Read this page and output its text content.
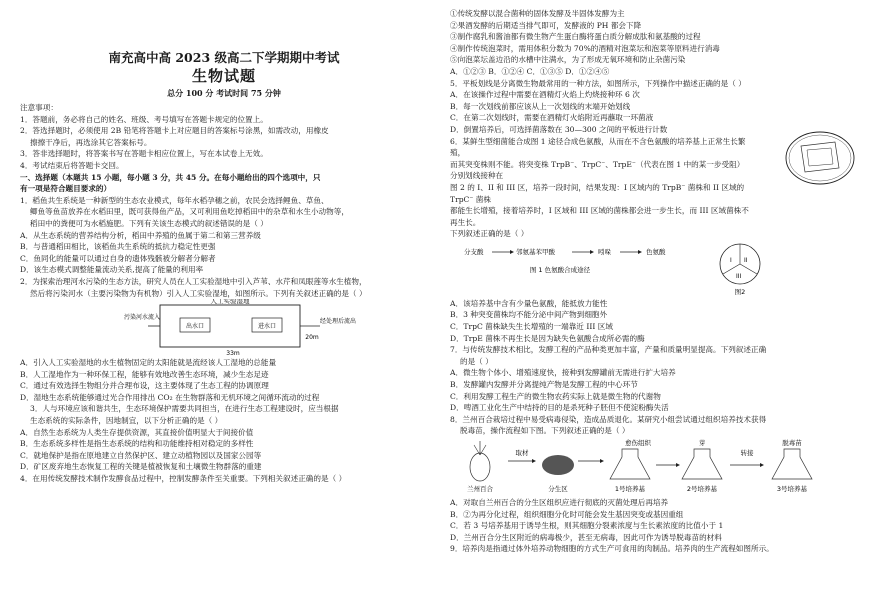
南充高中高 2023 级高二下学期期中考试
生物试题
总分 100 分 考试时间 75 分钟

注意事项：

1．答题前，务必将自己的姓名、班级、考号填写在答题卡规定的位置上。

2．答选择题时，必须使用 2B 铅笔将答题卡上对应题目的答案标号涂黑，如需改动，用橡皮

擦擦干净后，再选涂其它答案标号。

3．答非选择题时，将答案书写在答题卡相应位置上，写在本试卷上无效。

4．考试结束后将答题卡交回。

一、选择题（本题共 15 小题，每小题 3 分，共 45 分。在每小题给出的四个选项中，只

有一项是符合题目要求的）

1．稻鱼共生系统是一种新型的生态农业模式，每年水稻孕穗之前，农民会选择鲤鱼、草鱼、

鲫鱼等鱼苗放养在水稻田里，既可获得鱼产品，又可利用鱼吃掉稻田中的杂草和水生小动物等，

稻田中的粪便可为水稻施肥。下列有关该生态模式的叙述错误的是（ ）

A．从生态系统的营养结构分析，稻田中养殖的鱼属于第二和第三营养级

B．与普通稻田相比，该稻鱼共生系统的抵抗力稳定性更强

C．鱼同化的能量可以通过自身的遗体残骸被分解者分解者

D．该生态模式调整能量流动关系,提高了能量的利用率

2．为探索治理河水污染的生态方法，研究人员在人工实验湿地中引入芦苇、水芹和凤眼莲等水生植物，

然后将污染河水（主要污染物为有机物）引入人工实验湿地，如图所示。下列有关叙述正确的是（ ）

人工实验湿地
污染河水流入
出水口	进水口
经处理后流出
33m
20m

A．引入人工实验湿地的水生植物固定的太阳能就是流经该人工湿地的总能量

B．人工湿地作为一种环保工程，能够有效地改善生态环境，减少生态足迹

C．通过有效选择生物组分并合理布设，这主要体现了生态工程的协调原理

D．湿地生态系统能够通过光合作用排出 CO₂ 在生物群落和无机环境之间循环流动的过程

3．人与环境应该和谐共生，生态环境保护需要共同担当，在进行生态工程建设时，应当根据

生态系统的实际条件，因地制宜，以下分析正确的是（ ）

A．自然生态系统为人类生存提供资源，其直接价值明显大于间接价值

B．生态系统多样性是指生态系统的结构和功能维持相对稳定的多样性

C．就地保护是指在原地建立自然保护区、建立动植物园以及国家公园等

D．矿区废弃地生态恢复工程的关键是植被恢复和土壤微生物群落的重建

4．在用传统发酵技术制作发酵食品过程中，控制发酵条件至关重要。下列相关叙述正确的是（ ）

①传统发酵以混合菌种的固体发酵及半固体发酵为主

②果酒发酵的后期适当排气即可，发酵液的 PH 都会下降

③制作腐乳和酱油都有微生物产生蛋白酶将蛋白质分解成肽和氨基酸的过程

④制作传统泡菜时，需用体积分数为 70%的酒精对泡菜坛和泡菜等原料进行消毒

⑤向泡菜坛盖边沿的水槽中注满水，为了形成无氧环境和防止杂菌污染

A．①②③ B．①②④ C．①③⑤ D．①②④⑤

5．平板划线是分离微生物最常用的一种方法，如图所示，下列操作中描述正确的是（ ）

A．在该操作过程中需要在酒精灯火焰上灼烧接种环 6 次

B．每一次划线前都应该从上一次划线的末端开始划线

C．在第二次划线时，需要在酒精灯火焰附近再蘸取一环菌液

D．倒置培养后，可选择菌落数在 30—300 之间的平板进行计数

6．某鲜生型细菌能合成图 1 途径合成色氨酸，从而在不含色氨酸的培养基上正常生长繁殖，

而其突变株则不能。将突变株 TrpB⁻、TrpC⁻、TrpE⁻（代表在图 1 中的某一步受阻）分别划线接种在

图 2 的 I、II 和 III 区，培养一段时间，结果发现：I 区域内的 TrpB⁻ 菌株和 II 区域的 TrpC⁻ 菌株

都能生长增殖，接着培养时，I 区域和 III 区域的菌株都会进一步生长，而 III 区域菌株不再生长。

下列叙述正确的是（ ）

分支酸	邻氨基苯甲酸	吲哚	色氨酸
图 1 色氨酸合成途径
I II
III
图2

A．该培养基中含有少量色氨酸，能抵放力能性

B．3 种突变菌株均不能分泌中间产物到细胞外

C．TrpC 菌株缺失生长增殖的一端靠近 III 区域

D．TrpE 菌株不再生长是因为缺失色氨酸合成所必需的酶

7．与传统发酵技术相比，发酵工程的产品种类更加丰富，产量和质量明显提高。下列叙述正确

的是（ ）

A．微生物个体小、增殖速度快，接种到发酵罐前无需进行扩大培养

B．发酵罐内发酵并分离提纯产物是发酵工程的中心环节

C．利用发酵工程生产的微生物农药实际上就是微生物的代谢物

D．啤酒工业化生产中结持的目的是杀死种子胚但不使淀粉酶失活

8．兰州百合栽培过程中易受病毒侵染，造成品质退化。某研究小组尝试通过组织培养技术获得

脱毒苗，操作流程如下图。下列叙述正确的是（ ）

兰州百合
取材
分生区
愈伤组织
1号培养基
芽
2号培养基
转接
脱毒苗
3号培养基

A．对取自兰州百合的分生区组织应进行彻底的灭菌处理后再培养

B．②为再分化过程，组织细胞分化时可能会发生基因突变或基因重组

C．若 3 号培养基用于诱导生根，则其细胞分裂素浓度与生长素浓度的比值小于 1

D．兰州百合分生区附近的病毒极少，甚至无病毒，因此可作为诱导脱毒苗的材料

9．培养肉是指通过体外培养动物细胞的方式生产可食用的肉制品。培养肉的生产流程如图所示。
